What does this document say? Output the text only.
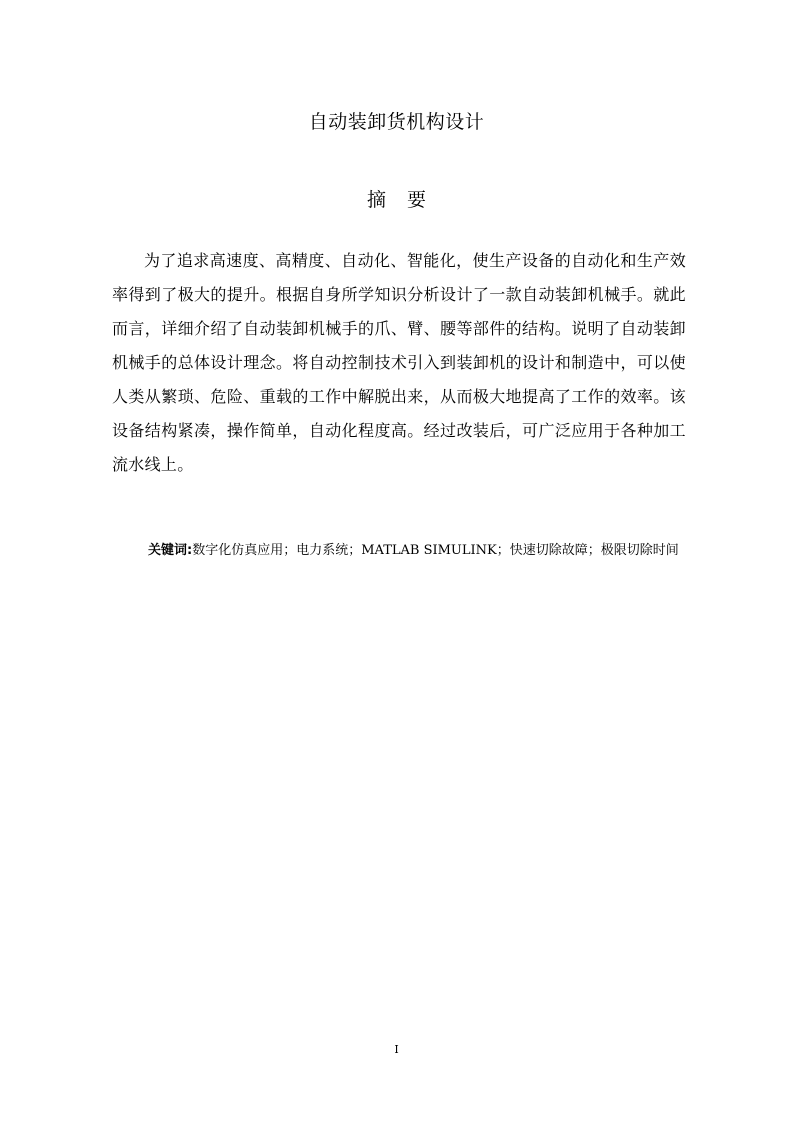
自动装卸货机构设计
摘要

为了追求高速度、高精度、自动化、智能化，使生产设备的自动化和生产效率得到了极大的提升。根据自身所学知识分析设计了一款自动装卸机械手。就此而言，详细介绍了自动装卸机械手的爪、臂、腰等部件的结构。说明了自动装卸机械手的总体设计理念。将自动控制技术引入到装卸机的设计和制造中，可以使人类从繁琐、危险、重载的工作中解脱出来，从而极大地提高了工作的效率。该设备结构紧凑，操作简单，自动化程度高。经过改装后，可广泛应用于各种加工流水线上。

关键词:数字化仿真应用；电力系统；MATLAB SIMULINK；快速切除故障；极限切除时间
I
